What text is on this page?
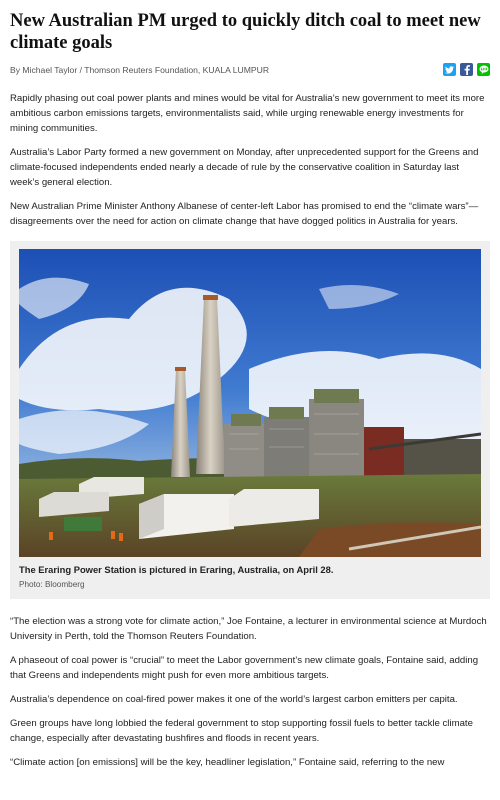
New Australian PM urged to quickly ditch coal to meet new climate goals
By Michael Taylor / Thomson Reuters Foundation, KUALA LUMPUR

Rapidly phasing out coal power plants and mines would be vital for Australia’s new government to meet its more ambitious carbon emissions targets, environmentalists said, while urging renewable energy investments for mining communities.

Australia’s Labor Party formed a new government on Monday, after unprecedented support for the Greens and climate-focused independents ended nearly a decade of rule by the conservative coalition in Saturday last week’s general election.

New Australian Prime Minister Anthony Albanese of center-left Labor has promised to end the “climate wars”— disagreements over the need for action on climate change that have dogged politics in Australia for years.

The Eraring Power Station is pictured in Eraring, Australia, on April 28.
Photo: Bloomberg

“The election was a strong vote for climate action,” Joe Fontaine, a lecturer in environmental science at Murdoch University in Perth, told the Thomson Reuters Foundation.

A phaseout of coal power is “crucial” to meet the Labor government’s new climate goals, Fontaine said, adding that Greens and independents might push for even more ambitious targets.

Australia’s dependence on coal-fired power makes it one of the world’s largest carbon emitters per capita.

Green groups have long lobbied the federal government to stop supporting fossil fuels to better tackle climate change, especially after devastating bushfires and floods in recent years.

“Climate action [on emissions] will be the key, headliner legislation,” Fontaine said, referring to the new
